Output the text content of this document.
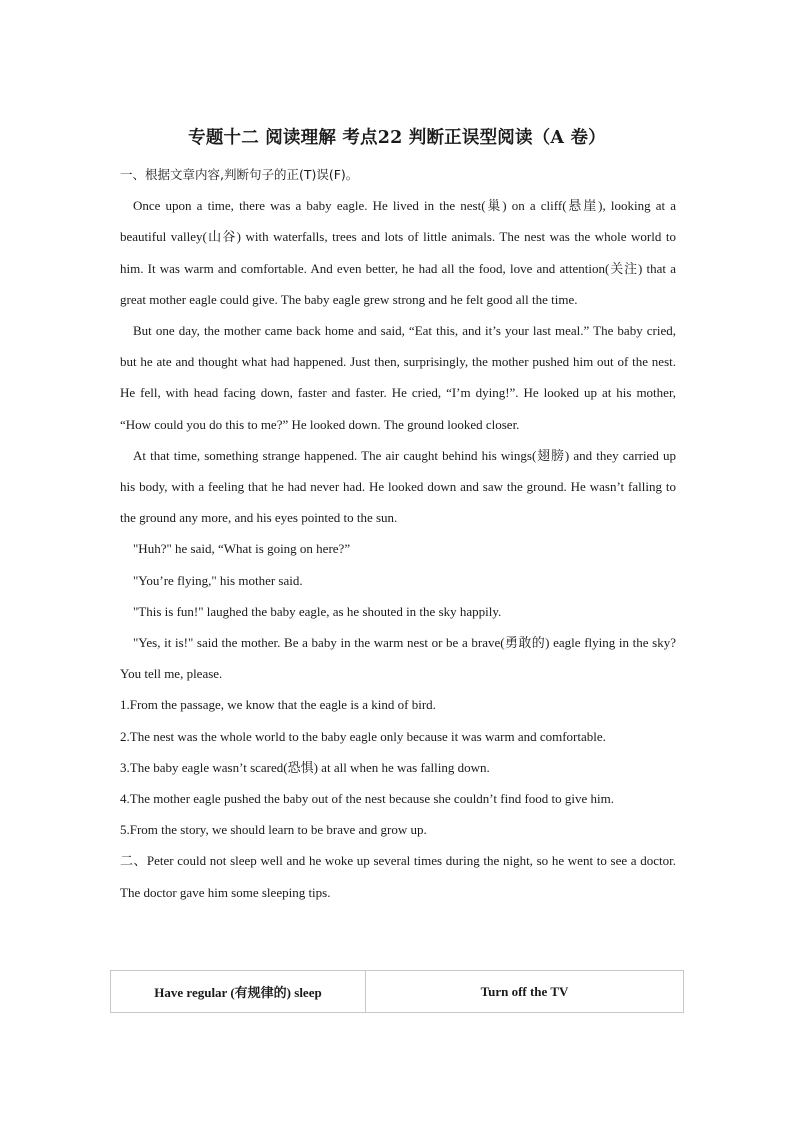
专题十二 阅读理解 考点22 判断正误型阅读（A 卷）

一、根据文章内容,判断句子的正(T)误(F)。

Once upon a time, there was a baby eagle. He lived in the nest(巢) on a cliff(悬崖), looking at a beautiful valley(山谷) with waterfalls, trees and lots of little animals. The nest was the whole world to him. It was warm and comfortable. And even better, he had all the food, love and attention(关注) that a great mother eagle could give. The baby eagle grew strong and he felt good all the time.

But one day, the mother came back home and said, “Eat this, and it’s your last meal.” The baby cried, but he ate and thought what had happened. Just then, surprisingly, the mother pushed him out of the nest. He fell, with head facing down, faster and faster. He cried, “I’m dying!”. He looked up at his mother, “How could you do this to me?” He looked down. The ground looked closer.

At that time, something strange happened. The air caught behind his wings(翅膀) and they carried up his body, with a feeling that he had never had. He looked down and saw the ground. He wasn’t falling to the ground any more, and his eyes pointed to the sun.

"Huh?" he said, “What is going on here?”

"You’re flying," his mother said.

"This is fun!" laughed the baby eagle, as he shouted in the sky happily.

"Yes, it is!" said the mother. Be a baby in the warm nest or be a brave(勇敢的) eagle flying in the sky? You tell me, please.

1.From the passage, we know that the eagle is a kind of bird.

2.The nest was the whole world to the baby eagle only because it was warm and comfortable.

3.The baby eagle wasn’t scared(恐惧) at all when he was falling down.

4.The mother eagle pushed the baby out of the nest because she couldn’t find food to give him.

5.From the story, we should learn to be brave and grow up.

二、Peter could not sleep well and he woke up several times during the night, so he went to see a doctor. The doctor gave him some sleeping tips.

Have regular (有规律的) sleep	Turn off the TV
